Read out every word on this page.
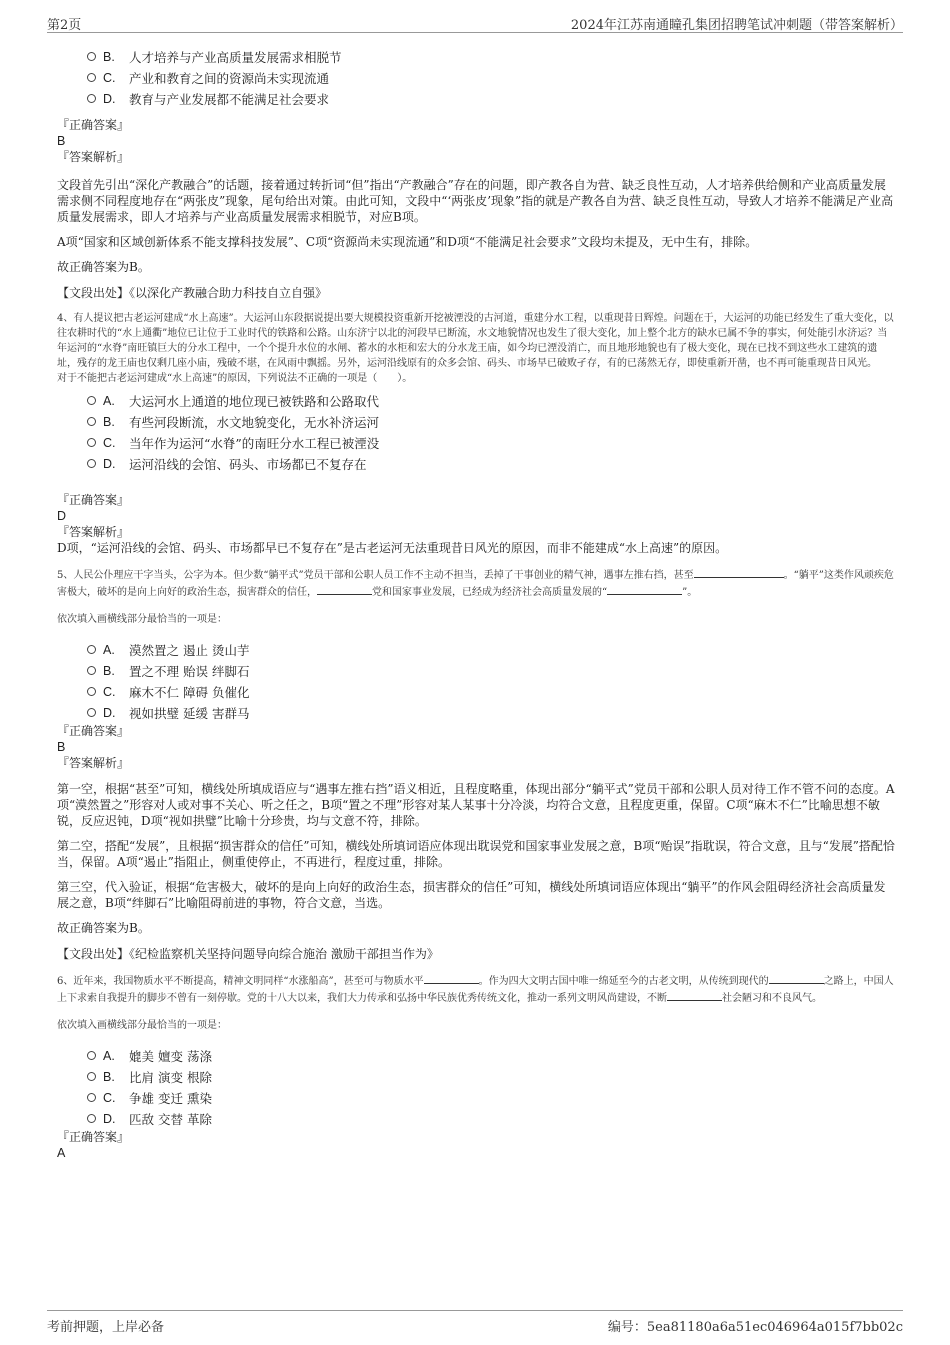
第2页	2024年江苏南通瞳孔集团招聘笔试冲刺题（带答案解析）
B.	人才培养与产业高质量发展需求相脱节
C.	产业和教育之间的资源尚未实现流通
D.	教育与产业发展都不能满足社会要求
『正确答案』
B
『答案解析』

文段首先引出“深化产教融合”的话题，接着通过转折词“但”指出“产教融合”存在的问题，即产教各自为营、缺乏良性互动，人才培养供给侧和产业高质量发展需求侧不同程度地存在“两张皮”现象，尾句给出对策。由此可知，文段中“‘两张皮’现象”指的就是产教各自为营、缺乏良性互动，导致人才培养不能满足产业高质量发展需求，即人才培养与产业高质量发展需求相脱节，对应B项。

A项“国家和区域创新体系不能支撑科技发展”、C项“资源尚未实现流通”和D项“不能满足社会要求”文段均未提及，无中生有，排除。

故正确答案为B。

【文段出处】《以深化产教融合助力科技自立自强》

4、有人提议把古老运河建成“水上高速”。大运河山东段据说提出要大规模投资重新开挖被湮没的古河道，重建分水工程，以重现昔日辉煌。问题在于，大运河的功能已经发生了重大变化，以往农耕时代的“水上通衢”地位已让位于工业时代的铁路和公路。山东济宁以北的河段早已断流，水文地貌情况也发生了很大变化，加上整个北方的缺水已属不争的事实，何处能引水济运？当年运河的“水脊”南旺镇巨大的分水工程中，一个个提升水位的水闸、蓄水的水柜和宏大的分水龙王庙，如今均已湮没消亡，而且地形地貌也有了极大变化，现在已找不到这些水工建筑的遗址，残存的龙王庙也仅剩几座小庙，残破不堪，在风雨中飘摇。另外，运河沿线原有的众多会馆、码头、市场早已破败孑存，有的已荡然无存，即使重新开凿，也不再可能重现昔日风光。

对于不能把古老运河建成“水上高速”的原因，下列说法不正确的一项是（　　）。

A.	大运河水上通道的地位现已被铁路和公路取代
B.	有些河段断流，水文地貌变化，无水补济运河
C.	当年作为运河“水脊”的南旺分水工程已被湮没
D.	运河沿线的会馆、码头、市场都已不复存在
『正确答案』
D
『答案解析』

D项，“运河沿线的会馆、码头、市场都早已不复存在”是古老运河无法重现昔日风光的原因，而非不能建成“水上高速”的原因。

5、人民公仆理应干字当头，公字为本。但少数“躺平式”党员干部和公职人员工作不主动不担当，丢掉了干事创业的精气神，遇事左推右挡，甚至	。“躺平”这类作风顽疾危害极大，破坏的是向上向好的政治生态，损害群众的信任，	党和国家事业发展，已经成为经济社会高质量发展的“	”。

依次填入画横线部分最恰当的一项是：

A.	漠然置之 遏止 烫山芋
B.	置之不理 贻误 绊脚石
C.	麻木不仁 障碍 负催化
D.	视如拱璧 延缓 害群马
『正确答案』
B
『答案解析』

第一空，根据“甚至”可知，横线处所填成语应与“遇事左推右挡”语义相近，且程度略重，体现出部分“躺平式”党员干部和公职人员对待工作不管不问的态度。A项“漠然置之”形容对人或对事不关心、听之任之，B项“置之不理”形容对某人某事十分冷淡，均符合文意，且程度更重，保留。C项“麻木不仁”比喻思想不敏锐，反应迟钝，D项“视如拱璧”比喻十分珍贵，均与文意不符，排除。

第二空，搭配“发展”，且根据“损害群众的信任”可知，横线处所填词语应体现出耽误党和国家事业发展之意，B项“贻误”指耽误，符合文意，且与“发展”搭配恰当，保留。A项“遏止”指阻止，侧重使停止，不再进行，程度过重，排除。

第三空，代入验证，根据“危害极大，破坏的是向上向好的政治生态，损害群众的信任”可知，横线处所填词语应体现出“躺平”的作风会阻碍经济社会高质量发展之意，B项“绊脚石”比喻阻碍前进的事物，符合文意，当选。

故正确答案为B。

【文段出处】《纪检监察机关坚持问题导向综合施治 激励干部担当作为》

6、近年来，我国物质水平不断提高，精神文明同样“水涨船高”，甚至可与物质水平	。作为四大文明古国中唯一绵延至今的古老文明，从传统到现代的	之路上，中国人上下求索自我提升的脚步不曾有一刻停歇。党的十八大以来，我们大力传承和弘扬中华民族优秀传统文化，推动一系列文明风尚建设，不断	社会陋习和不良风气。

依次填入画横线部分最恰当的一项是：

A.	媲美 嬗变 荡涤
B.	比肩 演变 根除
C.	争雄 变迁 熏染
D.	匹敌 交替 革除
『正确答案』
A
考前押题，上岸必备	编号：5ea81180a6a51ec046964a015f7bb02c
